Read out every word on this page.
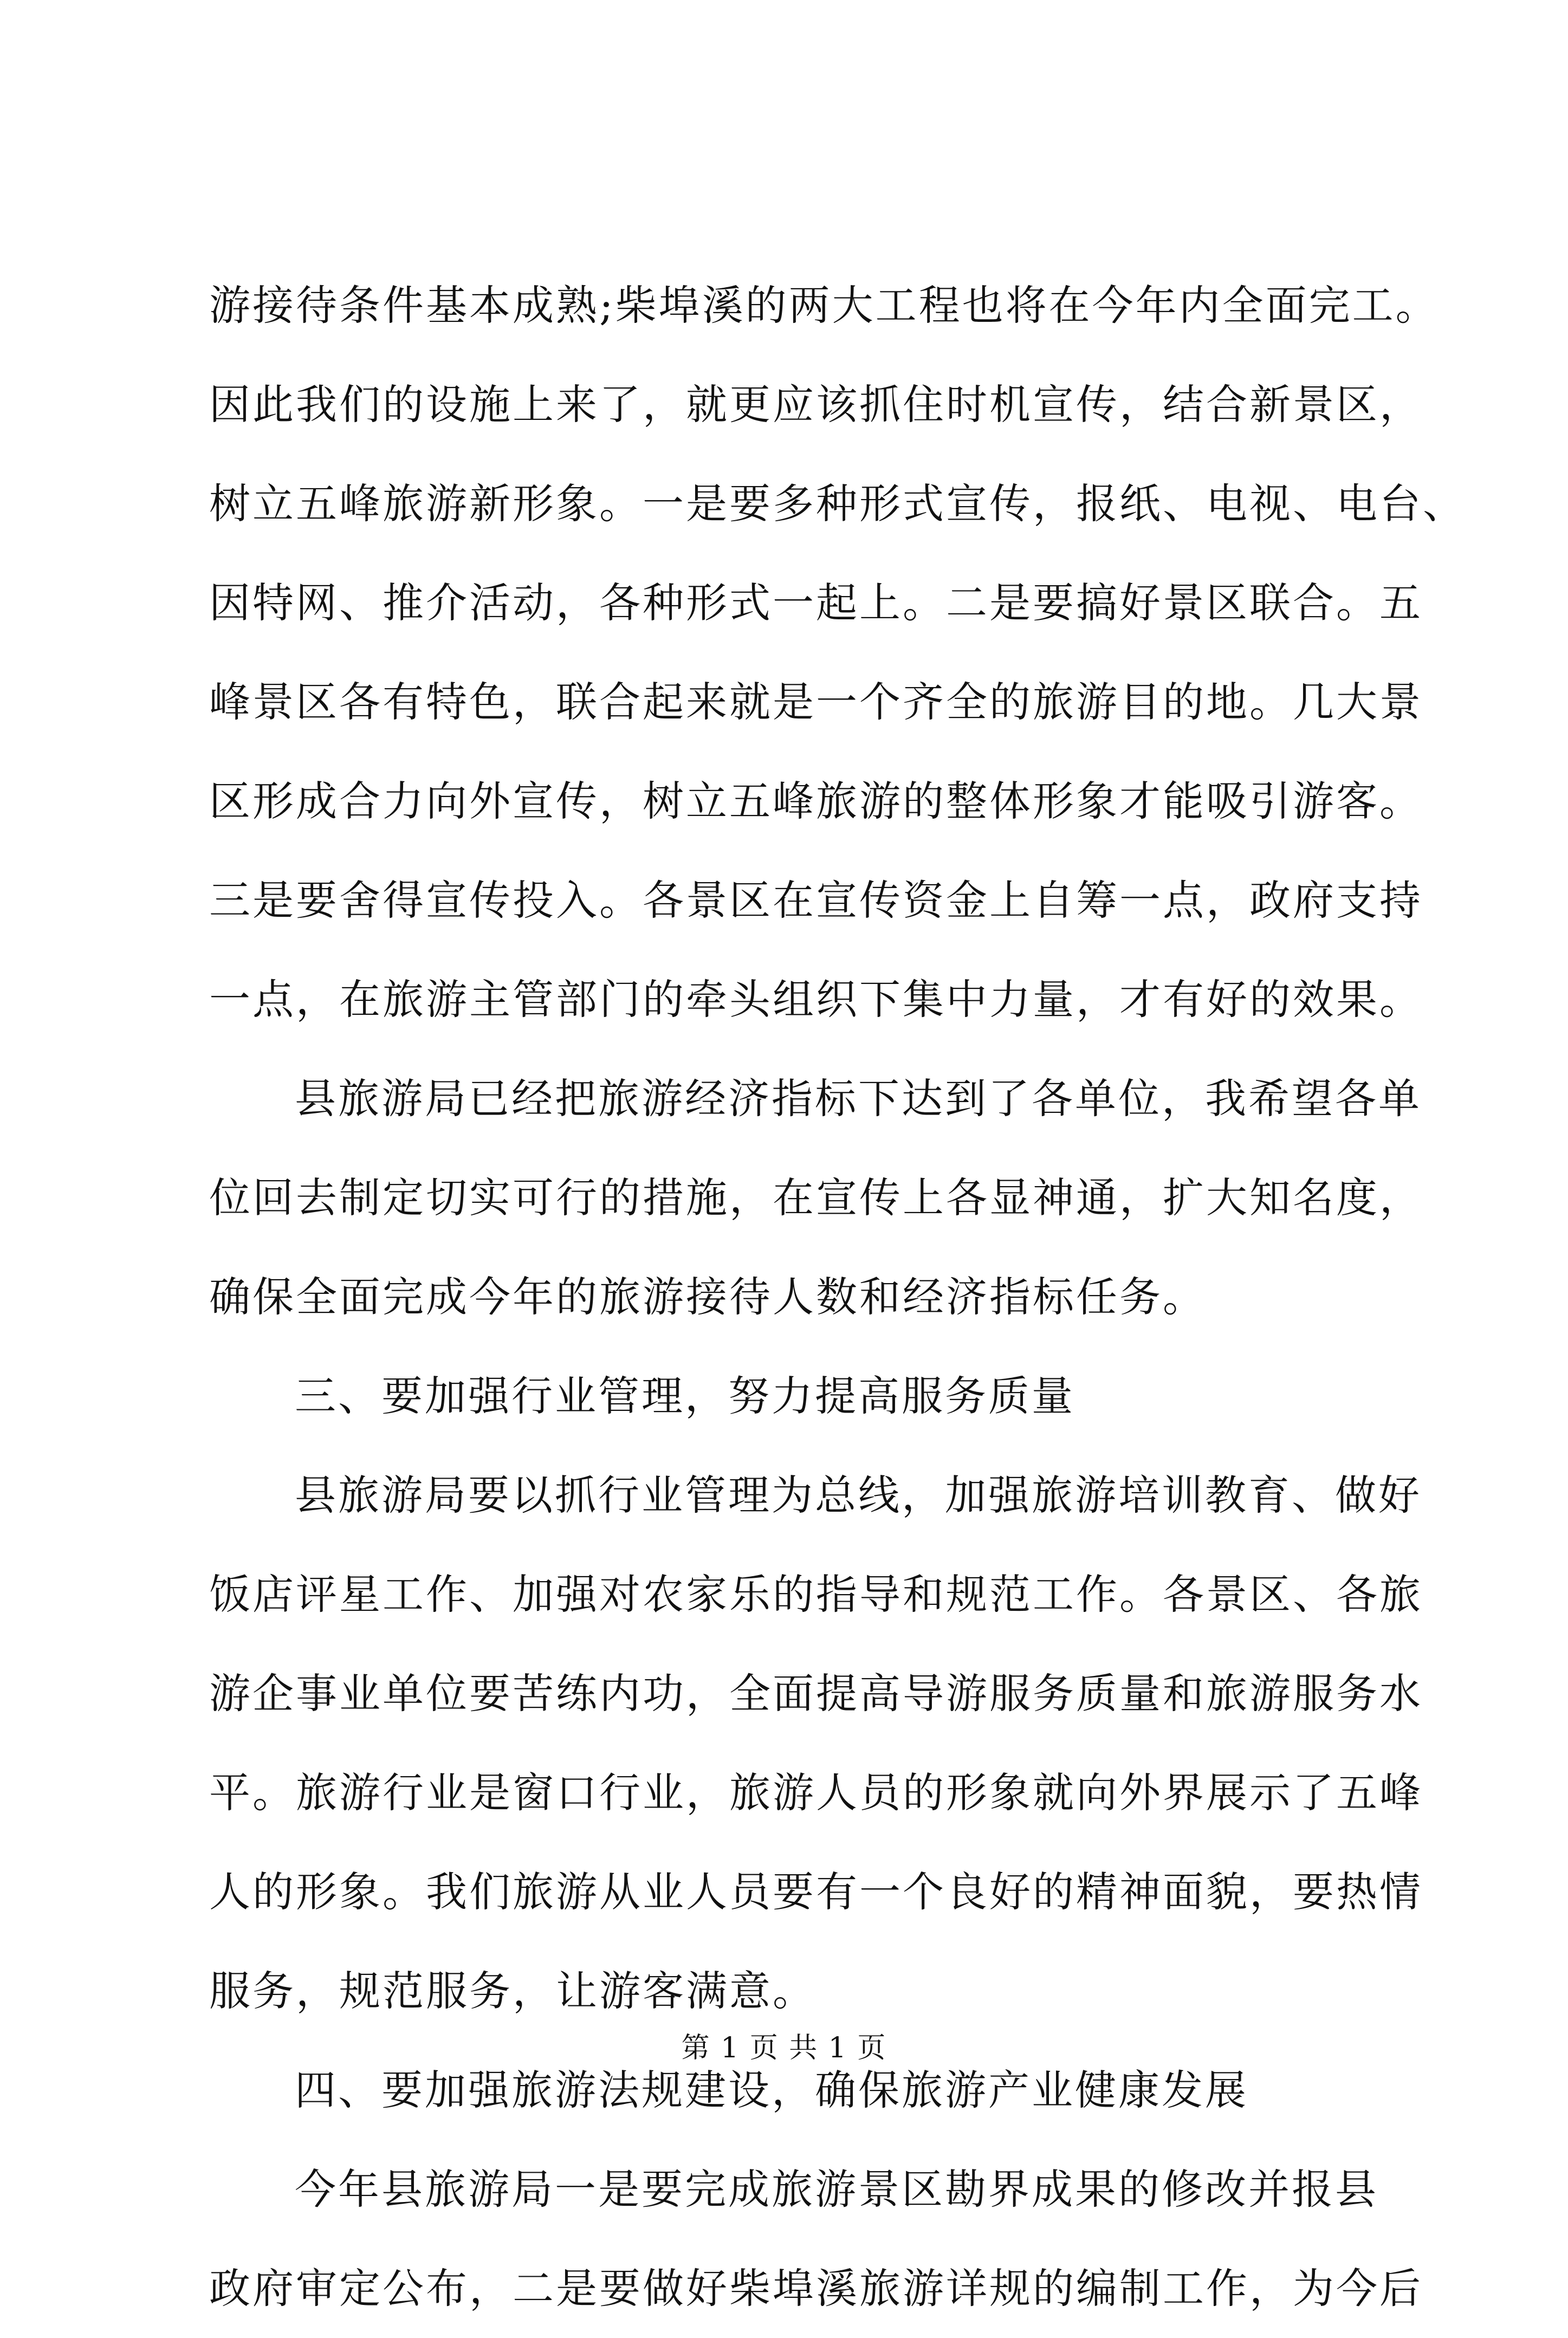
游接待条件基本成熟;柴埠溪的两大工程也将在今年内全面完工。
因此我们的设施上来了，就更应该抓住时机宣传，结合新景区，
树立五峰旅游新形象。一是要多种形式宣传，报纸、电视、电台、
因特网、推介活动，各种形式一起上。二是要搞好景区联合。五
峰景区各有特色，联合起来就是一个齐全的旅游目的地。几大景
区形成合力向外宣传，树立五峰旅游的整体形象才能吸引游客。
三是要舍得宣传投入。各景区在宣传资金上自筹一点，政府支持
一点，在旅游主管部门的牵头组织下集中力量，才有好的效果。
县旅游局已经把旅游经济指标下达到了各单位，我希望各单
位回去制定切实可行的措施，在宣传上各显神通，扩大知名度，
确保全面完成今年的旅游接待人数和经济指标任务。
三、要加强行业管理，努力提高服务质量
县旅游局要以抓行业管理为总线，加强旅游培训教育、做好
饭店评星工作、加强对农家乐的指导和规范工作。各景区、各旅
游企事业单位要苦练内功，全面提高导游服务质量和旅游服务水
平。旅游行业是窗口行业，旅游人员的形象就向外界展示了五峰
人的形象。我们旅游从业人员要有一个良好的精神面貌，要热情
服务，规范服务，让游客满意。
四、要加强旅游法规建设，确保旅游产业健康发展
今年县旅游局一是要完成旅游景区勘界成果的修改并报县
政府审定公布，二是要做好柴埠溪旅游详规的编制工作，为今后
第 1 页 共 1 页
